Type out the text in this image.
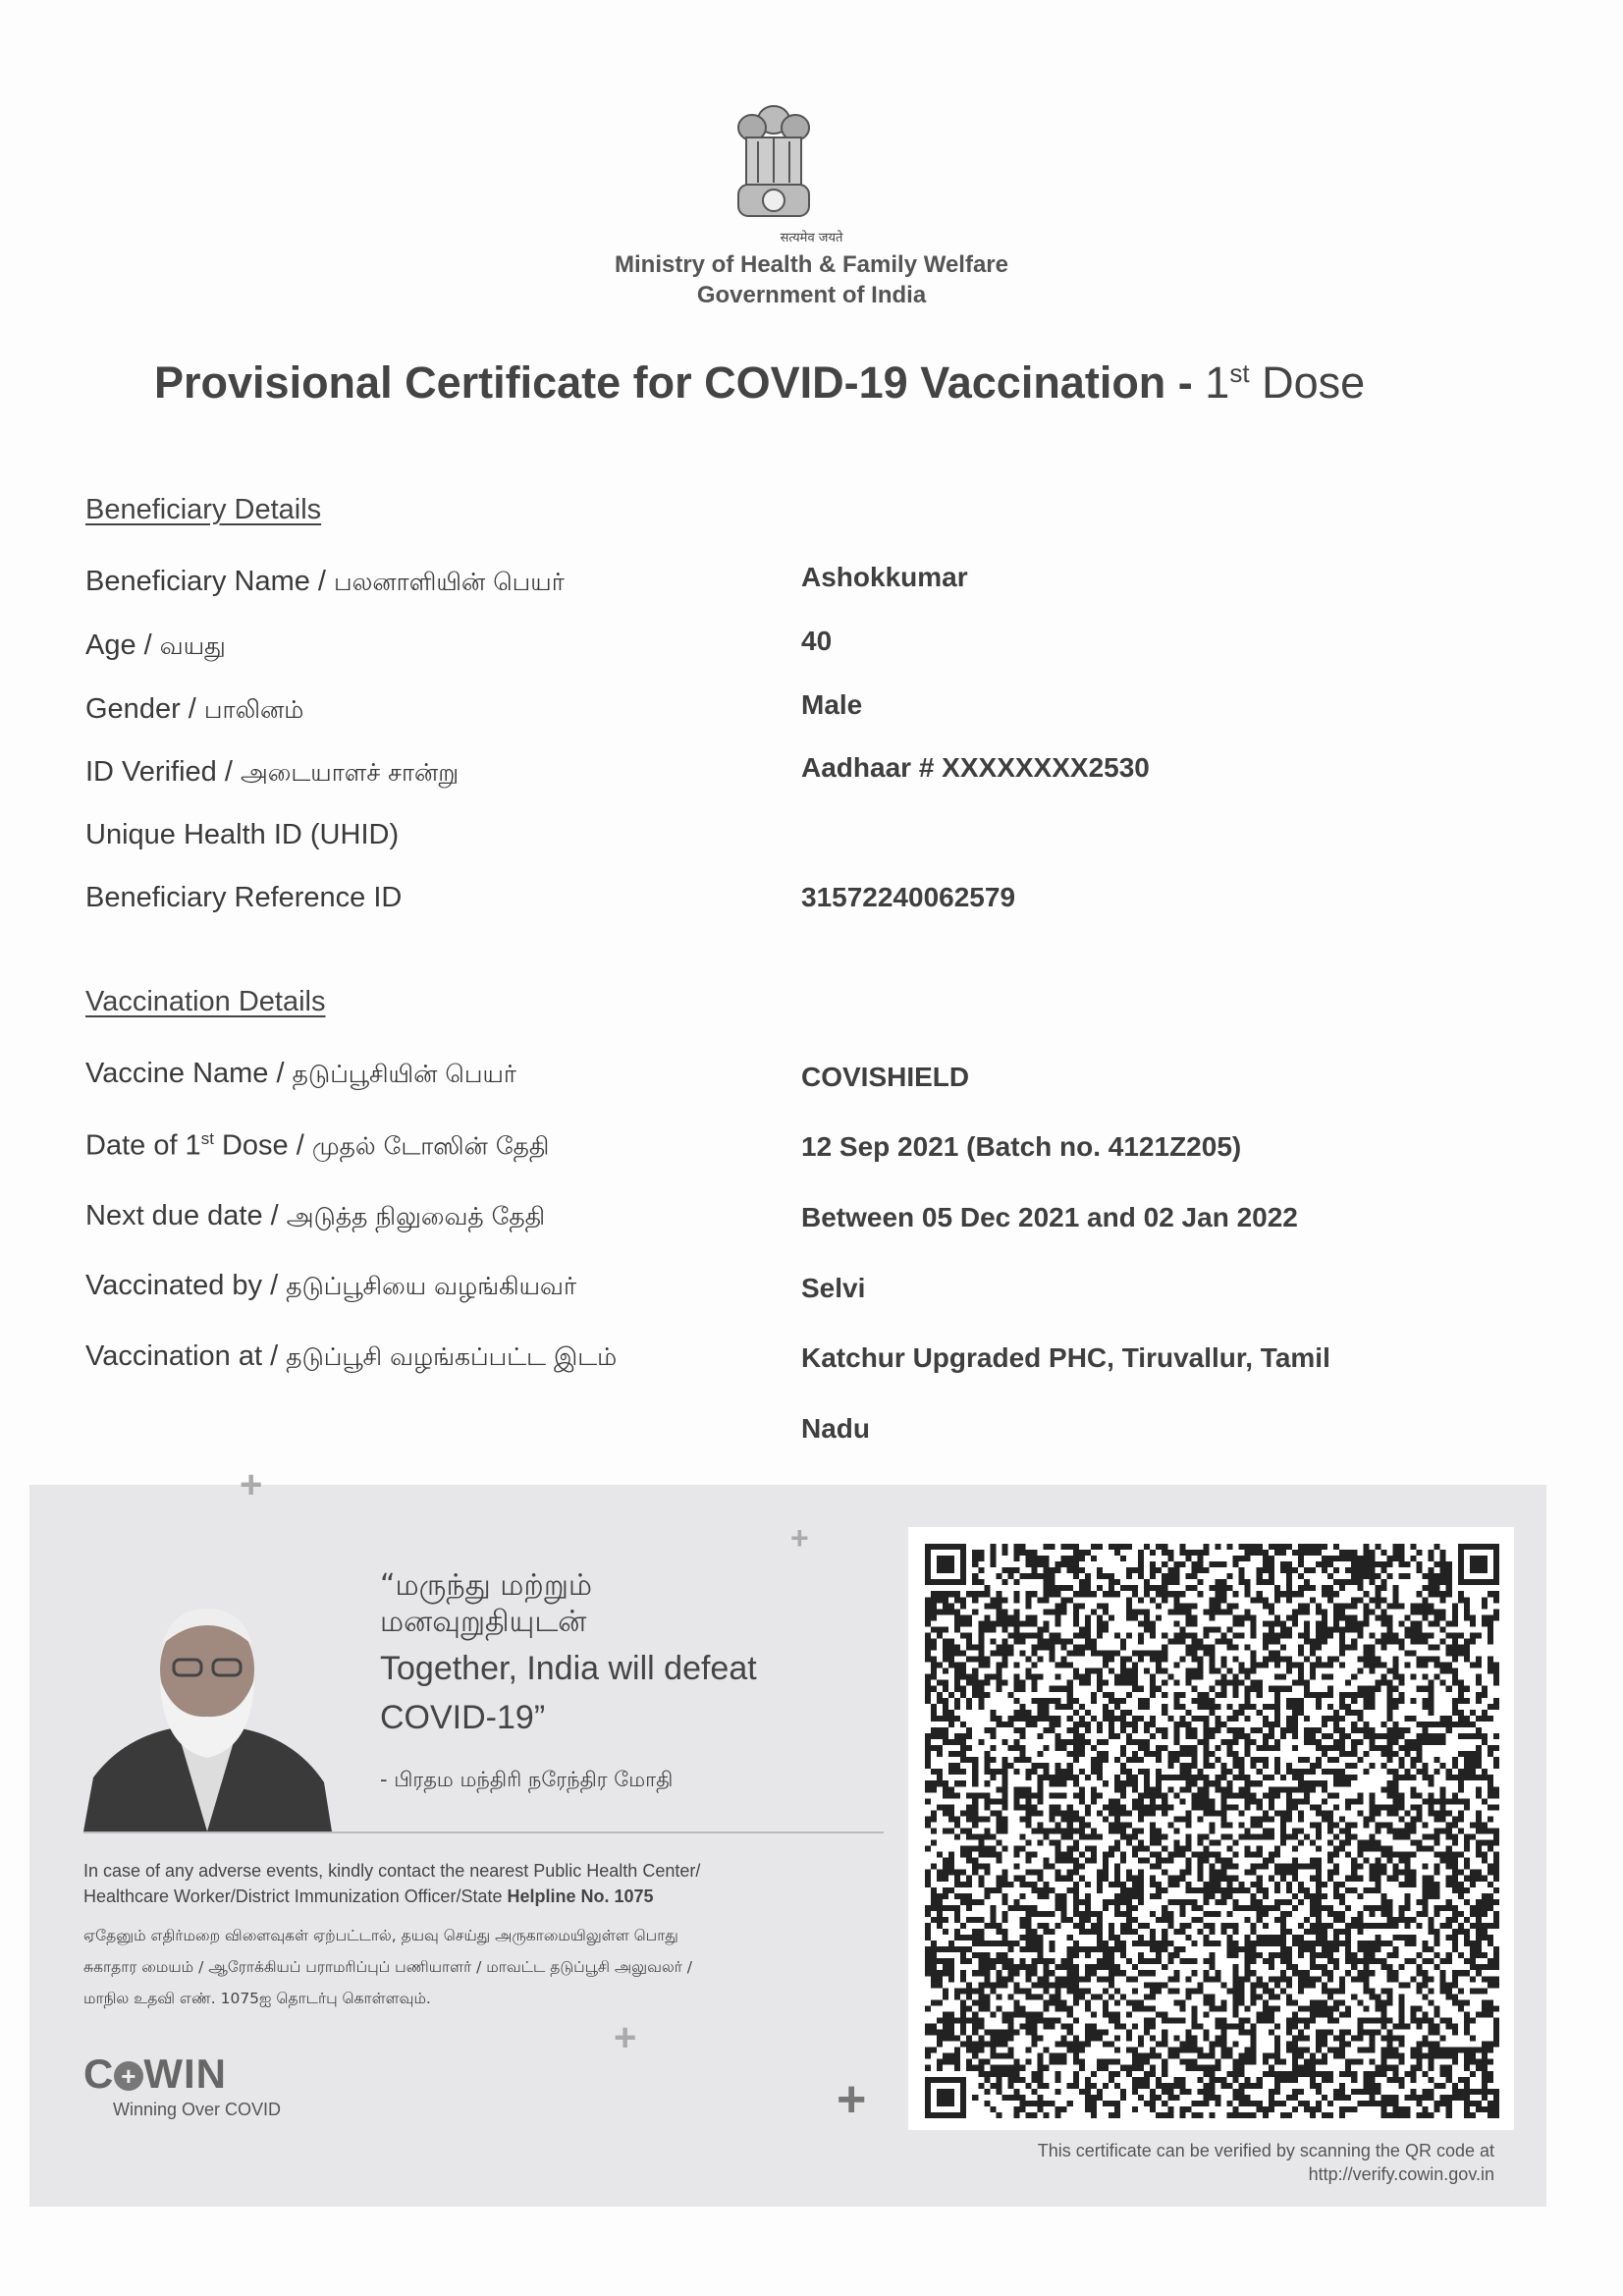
सत्यमेव जयते
Ministry of Health & Family Welfare
Government of India
Provisional Certificate for COVID-19 Vaccination - 1st Dose
Beneficiary Details
Beneficiary Name / பலனாளியின் பெயர்	Ashokkumar
Age / வயது	40
Gender / பாலினம்	Male
ID Verified / அடையாளச் சான்று	Aadhaar # XXXXXXXX2530
Unique Health ID (UHID)
Beneficiary Reference ID	31572240062579
Vaccination Details
Vaccine Name / தடுப்பூசியின் பெயர்	COVISHIELD
Date of 1st Dose / முதல் டோஸின் தேதி	12 Sep 2021 (Batch no. 4121Z205)
Next due date / அடுத்த நிலுவைத் தேதி	Between 05 Dec 2021 and 02 Jan 2022
Vaccinated by / தடுப்பூசியை வழங்கியவர்	Selvi
Vaccination at / தடுப்பூசி வழங்கப்பட்ட இடம்	Katchur Upgraded PHC, Tiruvallur, Tamil
Nadu
+
+
+
+
“மருந்து மற்றும்
மனவுறுதியுடன்
Together, India will defeat
COVID-19”
- பிரதம மந்திரி நரேந்திர மோதி
In case of any adverse events, kindly contact the nearest Public Health Center/
Healthcare Worker/District Immunization Officer/State Helpline No. 1075
ஏதேனும் எதிர்மறை விளைவுகள் ஏற்பட்டால், தயவு செய்து அருகாமையிலுள்ள பொது
சுகாதார மையம் / ஆரோக்கியப் பராமரிப்புப் பணியாளர் / மாவட்ட தடுப்பூசி அலுவலர் /
மாநில உதவி எண். 1075ஐ தொடர்பு கொள்ளவும்.
C + WIN
Winning Over COVID
This certificate can be verified by scanning the QR code at
http://verify.cowin.gov.in
